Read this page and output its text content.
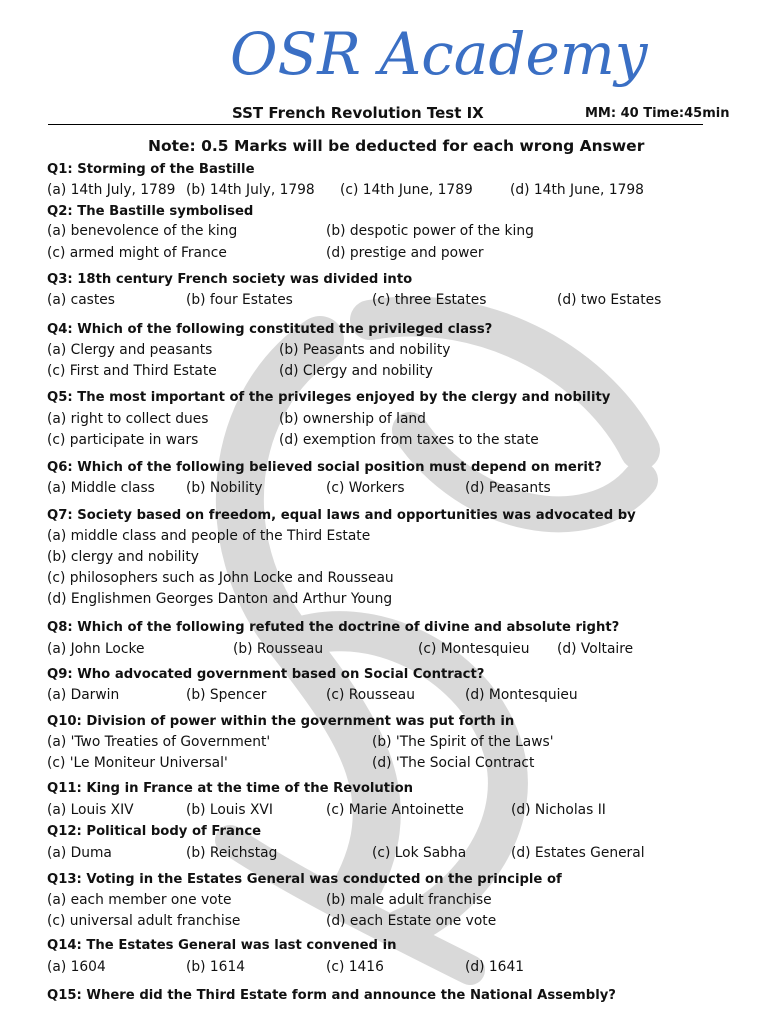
OSR Academy
SST French Revolution Test IX	MM: 40 Time:45min
Note: 0.5 Marks will be deducted for each wrong Answer
Q1: Storming of the Bastille
(a) 14th July, 1789 (b) 14th July, 1798 (c) 14th June, 1789	(d) 14th June, 1798
Q2: The Bastille symbolised
(a) benevolence of the king	(b) despotic power of the king
(c) armed might of France	(d) prestige and power
Q3: 18th century French society was divided into
(a) castes	(b) four Estates	(c) three Estates	(d) two Estates
Q4: Which of the following constituted the privileged class?
(a) Clergy and peasants	(b) Peasants and nobility
(c) First and Third Estate	(d) Clergy and nobility
Q5: The most important of the privileges enjoyed by the clergy and nobility
(a) right to collect dues	(b) ownership of land
(c) participate in wars	(d) exemption from taxes to the state
Q6: Which of the following believed social position must depend on merit?
(a) Middle class (b) Nobility	(c) Workers	(d) Peasants
Q7: Society based on freedom, equal laws and opportunities was advocated by
(a) middle class and people of the Third Estate
(b) clergy and nobility
(c) philosophers such as John Locke and Rousseau
(d) Englishmen Georges Danton and Arthur Young
Q8: Which of the following refuted the doctrine of divine and absolute right?
(a) John Locke	(b) Rousseau	(c) Montesquieu (d) Voltaire
Q9: Who advocated government based on Social Contract?
(a) Darwin	(b) Spencer	(c) Rousseau	(d) Montesquieu
Q10: Division of power within the government was put forth in
(a) 'Two Treaties of Government'	(b) 'The Spirit of the Laws'
(c) 'Le Moniteur Universal'	(d) 'The Social Contract
Q11: King in France at the time of the Revolution
(a) Louis XIV	(b) Louis XVI	(c) Marie Antoinette	(d) Nicholas II
Q12: Political body of France
(a) Duma	(b) Reichstag	(c) Lok Sabha	(d) Estates General
Q13: Voting in the Estates General was conducted on the principle of
(a) each member one vote	(b) male adult franchise
(c) universal adult franchise	(d) each Estate one vote
Q14: The Estates General was last convened in
(a) 1604	(b) 1614	(c) 1416	(d) 1641
Q15: Where did the Third Estate form and announce the National Assembly?
